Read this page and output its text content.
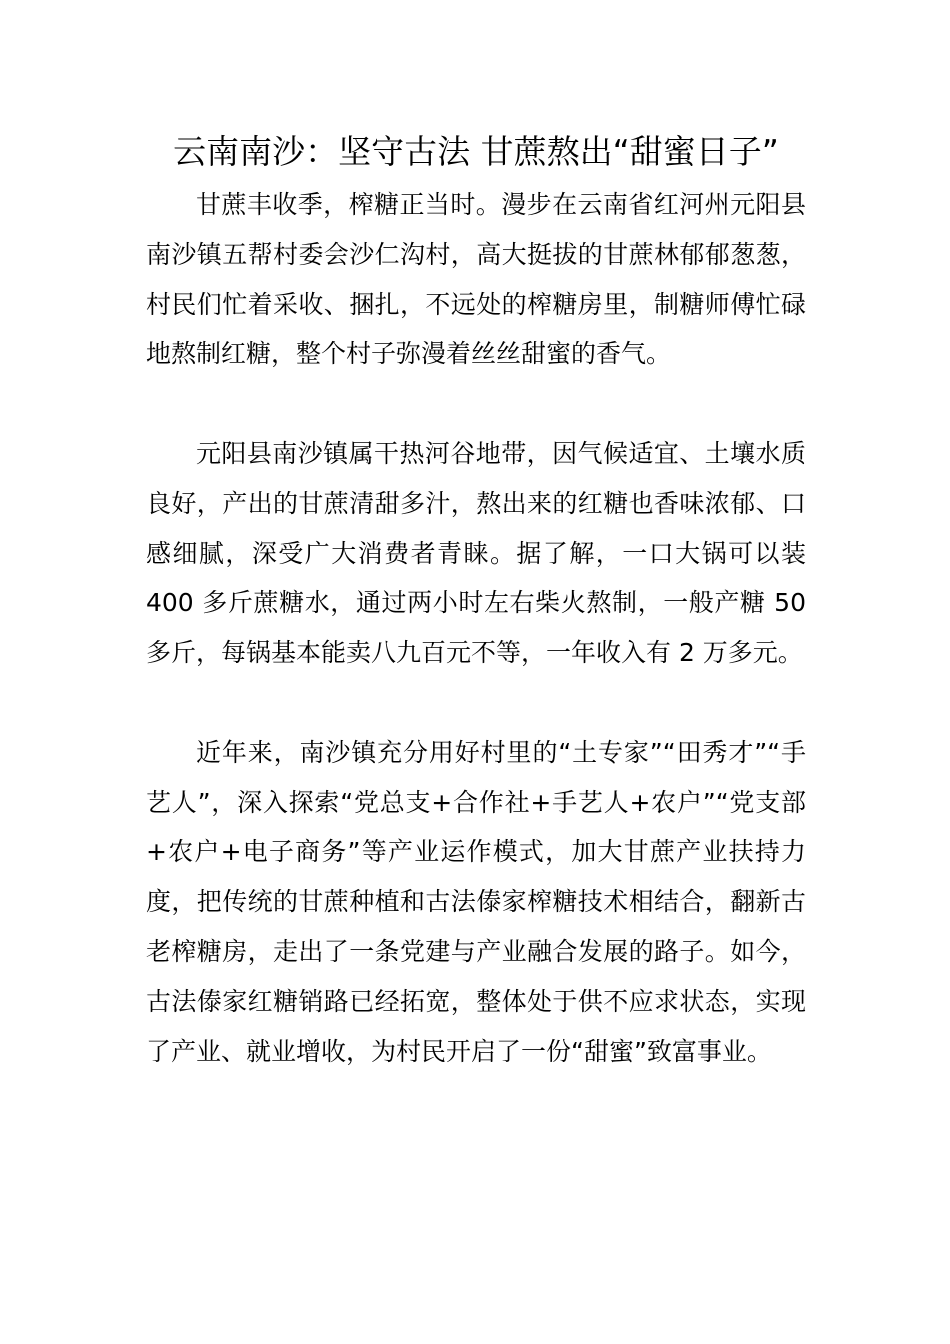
云南南沙：坚守古法 甘蔗熬出“甜蜜日子”

甘蔗丰收季，榨糖正当时。漫步在云南省红河州元阳县南沙镇五帮村委会沙仁沟村，高大挺拔的甘蔗林郁郁葱葱，村民们忙着采收、捆扎，不远处的榨糖房里，制糖师傅忙碌地熬制红糖，整个村子弥漫着丝丝甜蜜的香气。

元阳县南沙镇属干热河谷地带，因气候适宜、土壤水质良好，产出的甘蔗清甜多汁，熬出来的红糖也香味浓郁、口感细腻，深受广大消费者青睐。据了解，一口大锅可以装 400 多斤蔗糖水，通过两小时左右柴火熬制，一般产糖 50 多斤，每锅基本能卖八九百元不等，一年收入有 2 万多元。

近年来，南沙镇充分用好村里的“土专家”“田秀才”“手艺人”，深入探索“党总支+合作社+手艺人+农户”“党支部+农户+电子商务”等产业运作模式，加大甘蔗产业扶持力度，把传统的甘蔗种植和古法傣家榨糖技术相结合，翻新古老榨糖房，走出了一条党建与产业融合发展的路子。如今，古法傣家红糖销路已经拓宽，整体处于供不应求状态，实现了产业、就业增收，为村民开启了一份“甜蜜”致富事业。
